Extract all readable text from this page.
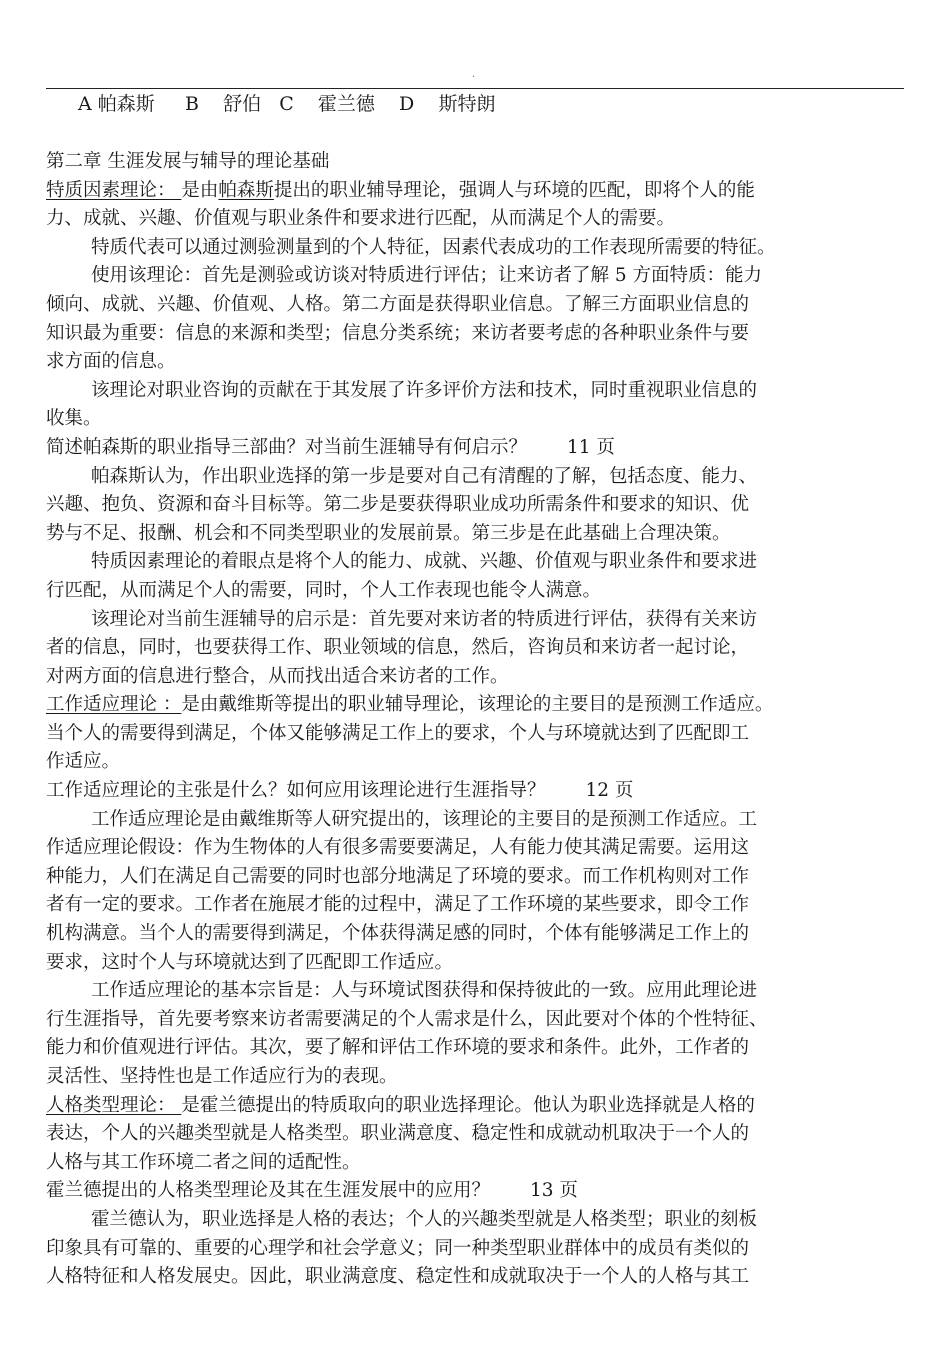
.
A 帕森斯     B    舒伯   C    霍兰德    D    斯特朗
第二章 生涯发展与辅导的理论基础
特质因素理论： 是由帕森斯提出的职业辅导理论，强调人与环境的匹配，即将个人的能
力、成就、兴趣、价值观与职业条件和要求进行匹配，从而满足个人的需要。
特质代表可以通过测验测量到的个人特征，因素代表成功的工作表现所需要的特征。
使用该理论：首先是测验或访谈对特质进行评估；让来访者了解 5 方面特质：能力
倾向、成就、兴趣、价值观、人格。第二方面是获得职业信息。了解三方面职业信息的
知识最为重要：信息的来源和类型；信息分类系统；来访者要考虑的各种职业条件与要
求方面的信息。
该理论对职业咨询的贡献在于其发展了许多评价方法和技术，同时重视职业信息的
收集。
简述帕森斯的职业指导三部曲？对当前生涯辅导有何启示？ 11 页
帕森斯认为，作出职业选择的第一步是要对自己有清醒的了解，包括态度、能力、
兴趣、抱负、资源和奋斗目标等。第二步是要获得职业成功所需条件和要求的知识、优
势与不足、报酬、机会和不同类型职业的发展前景。第三步是在此基础上合理决策。
特质因素理论的着眼点是将个人的能力、成就、兴趣、价值观与职业条件和要求进
行匹配，从而满足个人的需要，同时，个人工作表现也能令人满意。
该理论对当前生涯辅导的启示是：首先要对来访者的特质进行评估，获得有关来访
者的信息，同时，也要获得工作、职业领域的信息，然后，咨询员和来访者一起讨论，
对两方面的信息进行整合，从而找出适合来访者的工作。
工作适应理论 ：是由戴维斯等提出的职业辅导理论，该理论的主要目的是预测工作适应。
当个人的需要得到满足，个体又能够满足工作上的要求，个人与环境就达到了匹配即工
作适应。
工作适应理论的主张是什么？如何应用该理论进行生涯指导？ 12 页
工作适应理论是由戴维斯等人研究提出的，该理论的主要目的是预测工作适应。工
作适应理论假设：作为生物体的人有很多需要要满足，人有能力使其满足需要。运用这
种能力，人们在满足自己需要的同时也部分地满足了环境的要求。而工作机构则对工作
者有一定的要求。工作者在施展才能的过程中，满足了工作环境的某些要求，即令工作
机构满意。当个人的需要得到满足，个体获得满足感的同时，个体有能够满足工作上的
要求，这时个人与环境就达到了匹配即工作适应。
工作适应理论的基本宗旨是：人与环境试图获得和保持彼此的一致。应用此理论进
行生涯指导，首先要考察来访者需要满足的个人需求是什么，因此要对个体的个性特征、
能力和价值观进行评估。其次，要了解和评估工作环境的要求和条件。此外，工作者的
灵活性、坚持性也是工作适应行为的表现。
人格类型理论： 是霍兰德提出的特质取向的职业选择理论。他认为职业选择就是人格的
表达，个人的兴趣类型就是人格类型。职业满意度、稳定性和成就动机取决于一个人的
人格与其工作环境二者之间的适配性。
霍兰德提出的人格类型理论及其在生涯发展中的应用？ 13 页
霍兰德认为，职业选择是人格的表达；个人的兴趣类型就是人格类型；职业的刻板
印象具有可靠的、重要的心理学和社会学意义；同一种类型职业群体中的成员有类似的
人格特征和人格发展史。因此，职业满意度、稳定性和成就取决于一个人的人格与其工
